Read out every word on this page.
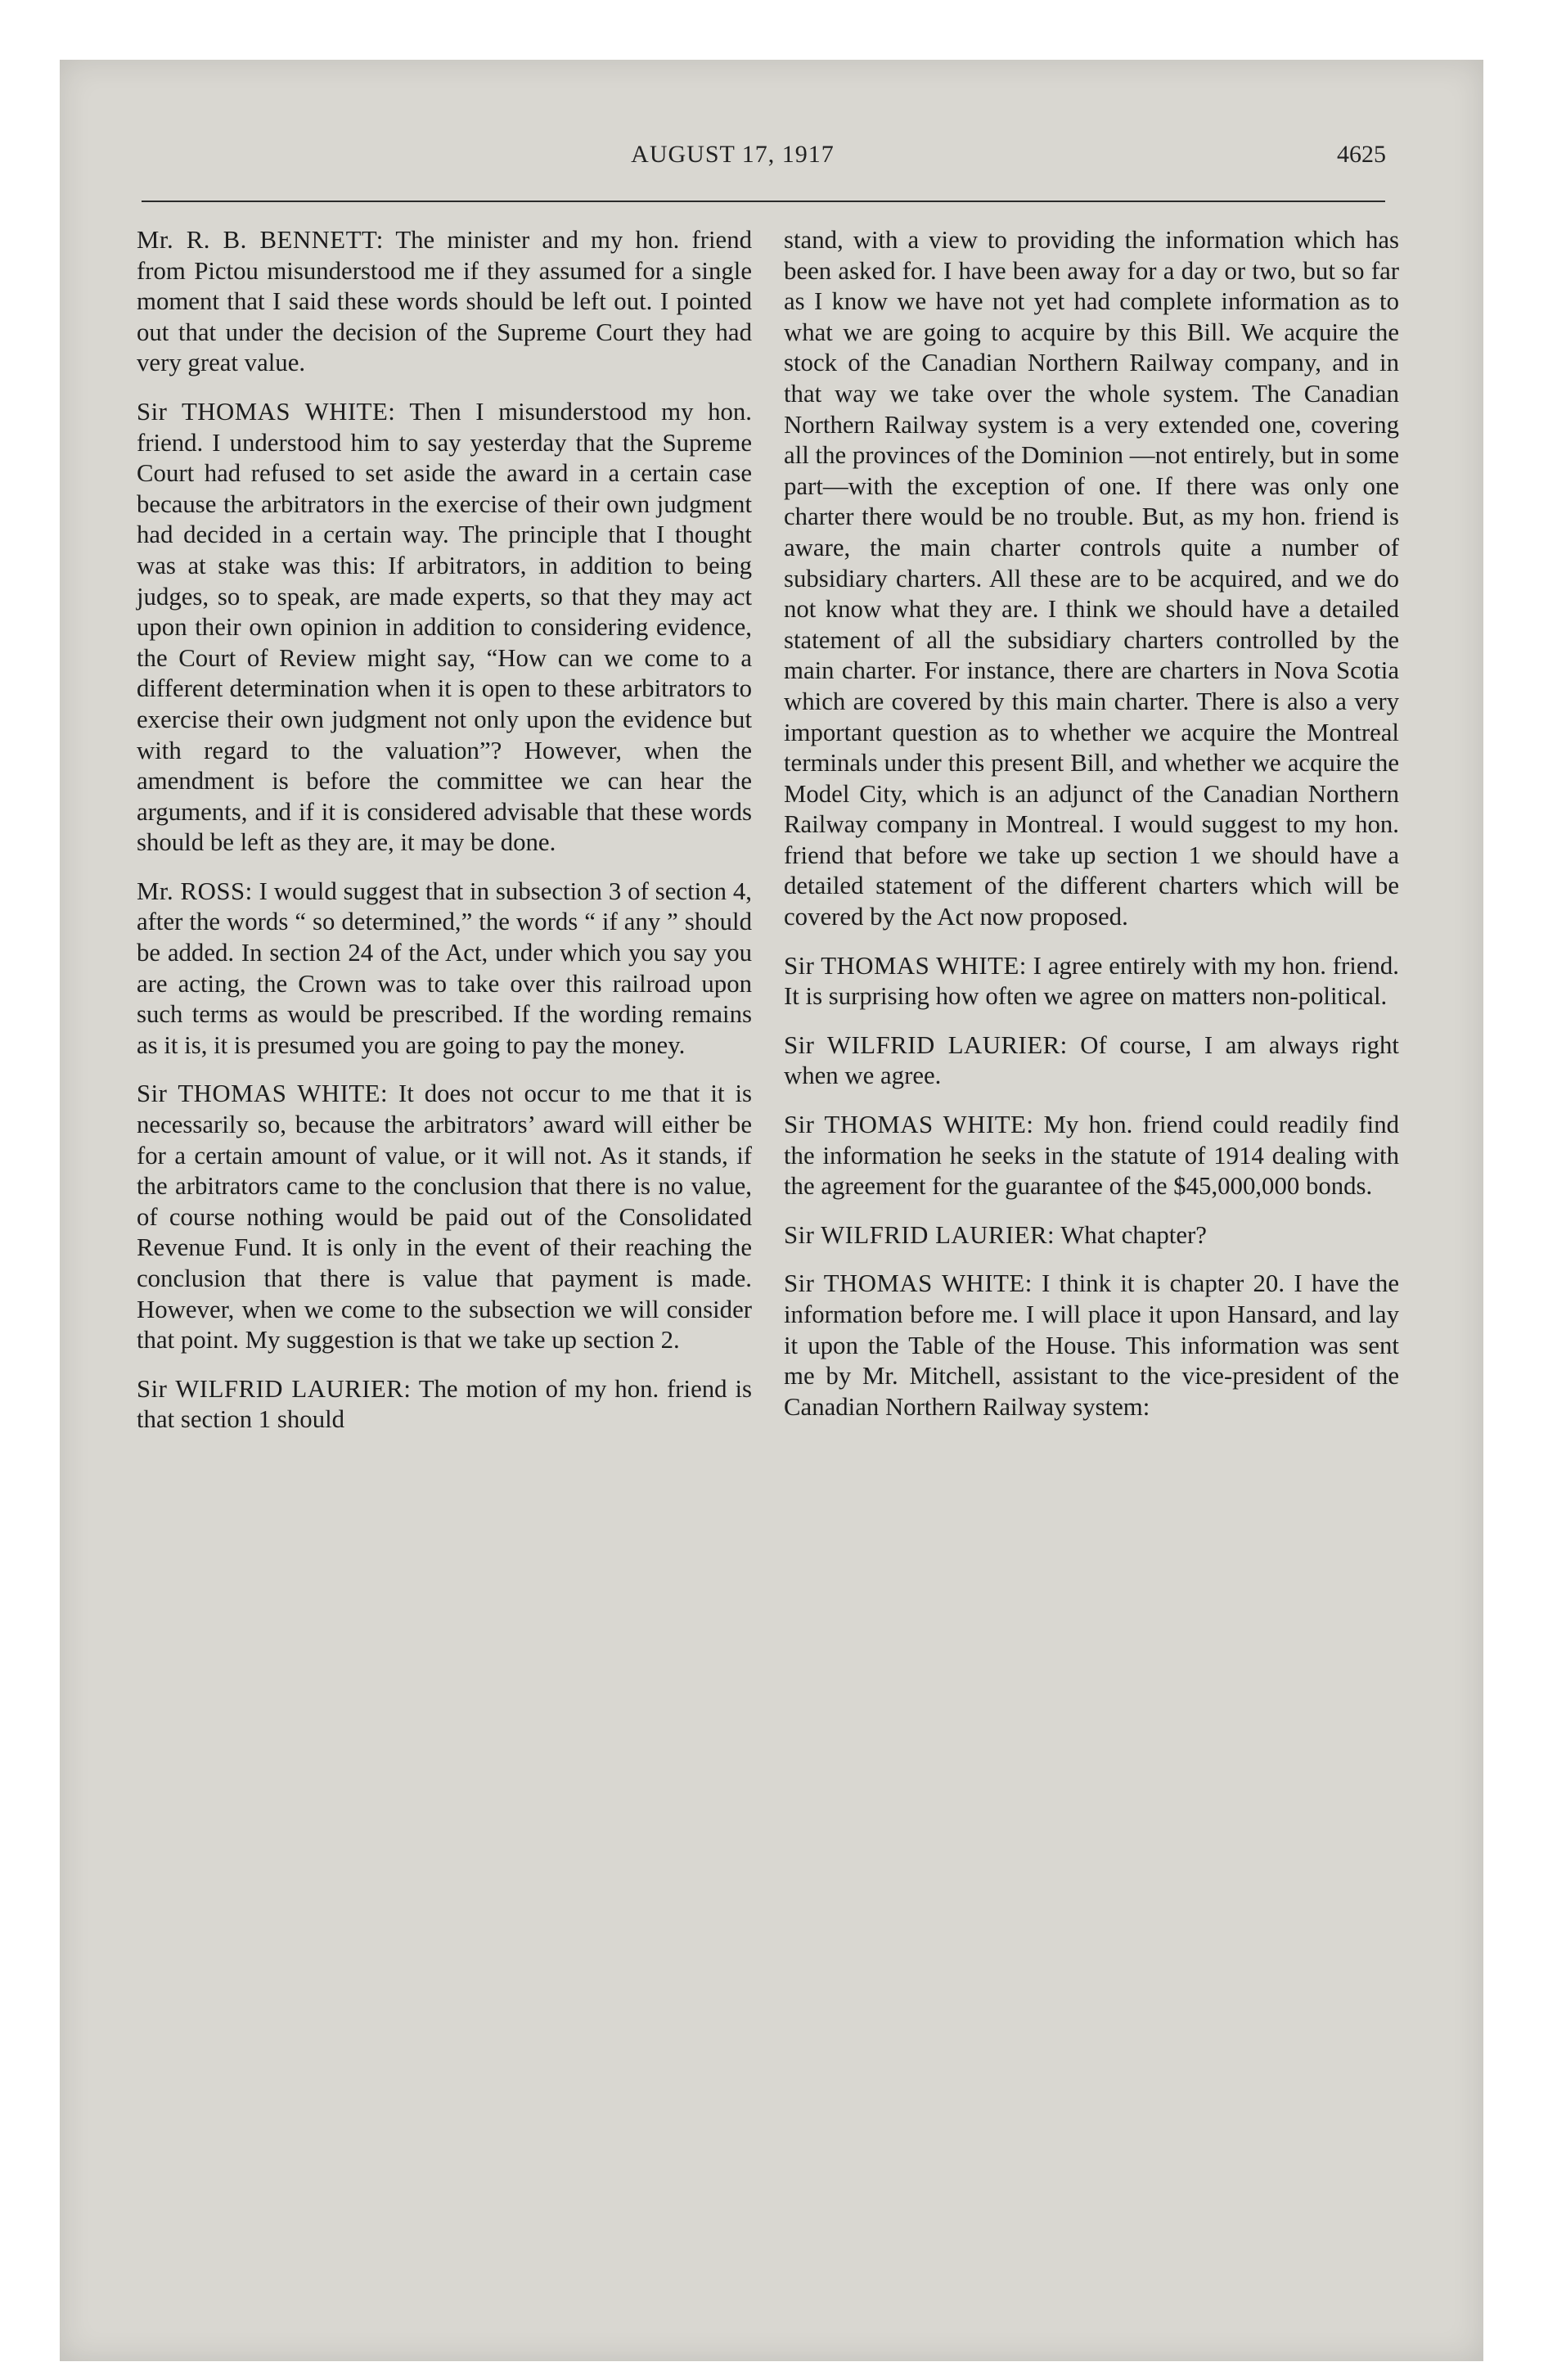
AUGUST 17, 1917	4625

Mr. R. B. BENNETT: The minister and my hon. friend from Pictou misunderstood me if they assumed for a single moment that I said these words should be left out. I pointed out that under the decision of the Supreme Court they had very great value.

Sir THOMAS WHITE: Then I misunderstood my hon. friend. I understood him to say yesterday that the Supreme Court had refused to set aside the award in a certain case because the arbitrators in the exercise of their own judgment had decided in a certain way. The principle that I thought was at stake was this: If arbitrators, in addition to being judges, so to speak, are made experts, so that they may act upon their own opinion in addition to considering evidence, the Court of Review might say, “How can we come to a different determination when it is open to these arbitrators to exercise their own judgment not only upon the evidence but with regard to the valuation”? However, when the amendment is before the committee we can hear the arguments, and if it is considered advisable that these words should be left as they are, it may be done.

Mr. ROSS: I would suggest that in subsection 3 of section 4, after the words “ so determined,” the words “ if any ” should be added. In section 24 of the Act, under which you say you are acting, the Crown was to take over this railroad upon such terms as would be prescribed. If the wording remains as it is, it is presumed you are going to pay the money.

Sir THOMAS WHITE: It does not occur to me that it is necessarily so, because the arbitrators’ award will either be for a certain amount of value, or it will not. As it stands, if the arbitrators came to the conclusion that there is no value, of course nothing would be paid out of the Consolidated Revenue Fund. It is only in the event of their reaching the conclusion that there is value that payment is made. However, when we come to the subsection we will consider that point. My suggestion is that we take up section 2.

Sir WILFRID LAURIER: The motion of my hon. friend is that section 1 should

stand, with a view to providing the information which has been asked for. I have been away for a day or two, but so far as I know we have not yet had complete information as to what we are going to acquire by this Bill. We acquire the stock of the Canadian Northern Railway company, and in that way we take over the whole system. The Canadian Northern Railway system is a very extended one, covering all the provinces of the Dominion —not entirely, but in some part—with the exception of one. If there was only one charter there would be no trouble. But, as my hon. friend is aware, the main charter controls quite a number of subsidiary charters. All these are to be acquired, and we do not know what they are. I think we should have a detailed statement of all the subsidiary charters controlled by the main charter. For instance, there are charters in Nova Scotia which are covered by this main charter. There is also a very important question as to whether we acquire the Montreal terminals under this present Bill, and whether we acquire the Model City, which is an adjunct of the Canadian Northern Railway company in Montreal. I would suggest to my hon. friend that before we take up section 1 we should have a detailed statement of the different charters which will be covered by the Act now proposed.

Sir THOMAS WHITE: I agree entirely with my hon. friend. It is surprising how often we agree on matters non-political.

Sir WILFRID LAURIER: Of course, I am always right when we agree.

Sir THOMAS WHITE: My hon. friend could readily find the information he seeks in the statute of 1914 dealing with the agreement for the guarantee of the $45,000,000 bonds.

Sir WILFRID LAURIER: What chapter?

Sir THOMAS WHITE: I think it is chapter 20. I have the information before me. I will place it upon Hansard, and lay it upon the Table of the House. This information was sent me by Mr. Mitchell, assistant to the vice-president of the Canadian Northern Railway system:
